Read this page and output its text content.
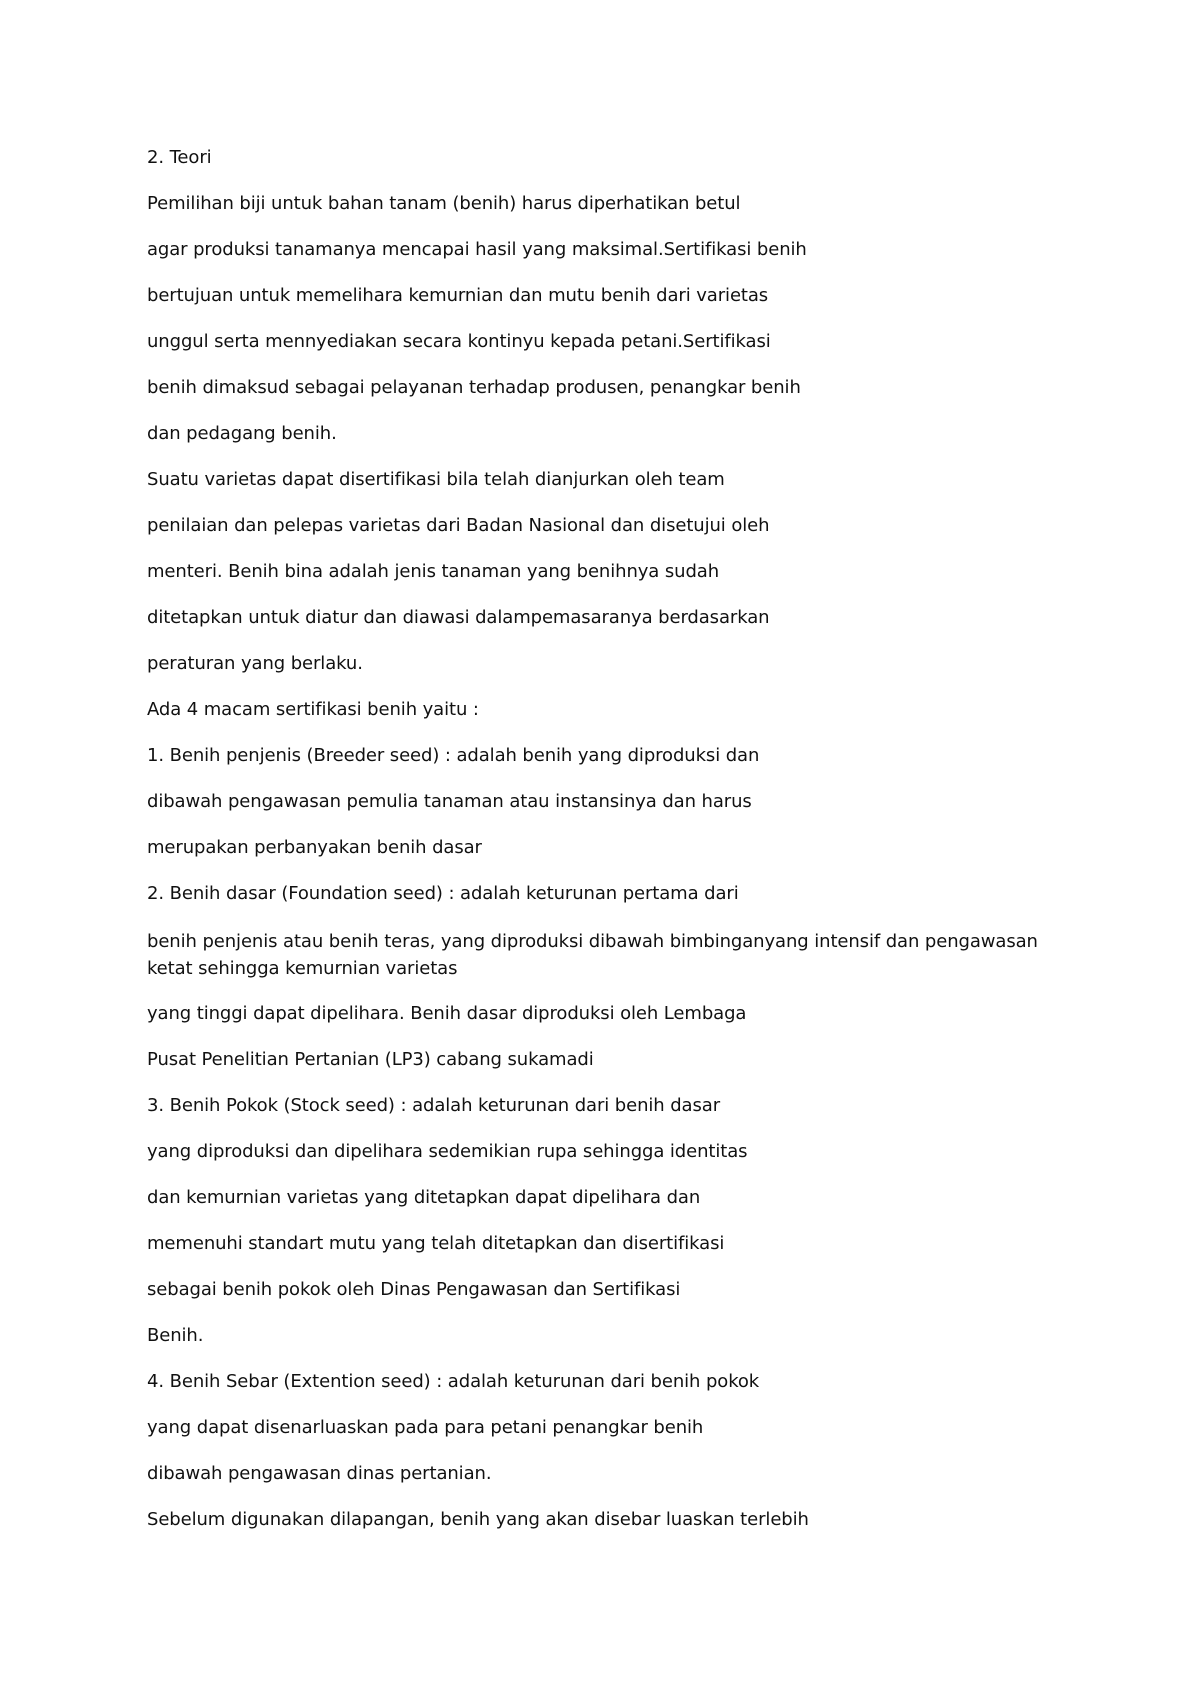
2. Teori

Pemilihan biji untuk bahan tanam (benih) harus diperhatikan betul

agar produksi tanamanya mencapai hasil yang maksimal.Sertifikasi benih

bertujuan untuk memelihara kemurnian dan mutu benih dari varietas

unggul serta mennyediakan secara kontinyu kepada petani.Sertifikasi

benih dimaksud sebagai pelayanan terhadap produsen, penangkar benih

dan pedagang benih.

Suatu varietas dapat disertifikasi bila telah dianjurkan oleh team

penilaian dan pelepas varietas dari Badan Nasional dan disetujui oleh

menteri. Benih bina adalah jenis tanaman yang benihnya sudah

ditetapkan untuk diatur dan diawasi dalampemasaranya berdasarkan

peraturan yang berlaku.

Ada 4 macam sertifikasi benih yaitu :

1. Benih penjenis (Breeder seed) : adalah benih yang diproduksi dan

dibawah pengawasan pemulia tanaman atau instansinya dan harus

merupakan perbanyakan benih dasar

2. Benih dasar (Foundation seed) : adalah keturunan pertama dari

benih penjenis atau benih teras, yang diproduksi dibawah bimbinganyang intensif dan pengawasan ketat sehingga kemurnian varietas

yang tinggi dapat dipelihara. Benih dasar diproduksi oleh Lembaga

Pusat Penelitian Pertanian (LP3) cabang sukamadi

3. Benih Pokok (Stock seed) : adalah keturunan dari benih dasar

yang diproduksi dan dipelihara sedemikian rupa sehingga identitas

dan kemurnian varietas yang ditetapkan dapat dipelihara dan

memenuhi standart mutu yang telah ditetapkan dan disertifikasi

sebagai benih pokok oleh Dinas Pengawasan dan Sertifikasi

Benih.

4. Benih Sebar (Extention seed) : adalah keturunan dari benih pokok

yang dapat disenarluaskan pada para petani penangkar benih

dibawah pengawasan dinas pertanian.

Sebelum digunakan dilapangan, benih yang akan disebar luaskan terlebih
